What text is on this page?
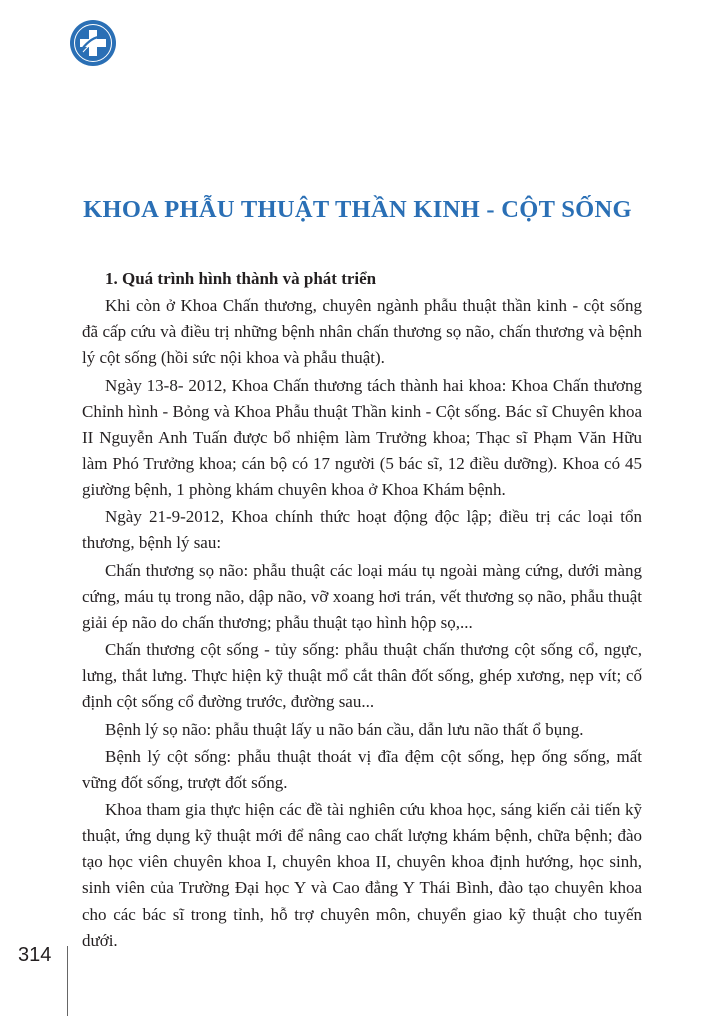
KHOA PHẪU THUẬT THẦN KINH - CỘT SỐNG
1. Quá trình hình thành và phát triển

Khi còn ở Khoa Chấn thương, chuyên ngành phẫu thuật thần kinh - cột sống đã cấp cứu và điều trị những bệnh nhân chấn thương sọ não, chấn thương và bệnh lý cột sống (hồi sức nội khoa và phẫu thuật).

Ngày 13-8- 2012, Khoa Chấn thương tách thành hai khoa: Khoa Chấn thương Chỉnh hình - Bỏng và Khoa Phẫu thuật Thần kinh - Cột sống. Bác sĩ Chuyên khoa II Nguyễn Anh Tuấn được bổ nhiệm làm Trưởng khoa; Thạc sĩ Phạm Văn Hữu làm Phó Trưởng khoa; cán bộ có 17 người (5 bác sĩ, 12 điều dưỡng). Khoa có 45 giường bệnh, 1 phòng khám chuyên khoa ở Khoa Khám bệnh.

Ngày 21-9-2012, Khoa chính thức hoạt động độc lập; điều trị các loại tổn thương, bệnh lý sau:

Chấn thương sọ não: phẫu thuật các loại máu tụ ngoài màng cứng, dưới màng cứng, máu tụ trong não, dập não, vỡ xoang hơi trán, vết thương sọ não, phẫu thuật giải ép não do chấn thương; phẫu thuật tạo hình hộp sọ,...

Chấn thương cột sống - tủy sống: phẫu thuật chấn thương cột sống cổ, ngực, lưng, thắt lưng. Thực hiện kỹ thuật mổ cắt thân đốt sống, ghép xương, nẹp vít; cố định cột sống cổ đường trước, đường sau...

Bệnh lý sọ não: phẫu thuật lấy u não bán cầu, dẫn lưu não thất ổ bụng.

Bệnh lý cột sống: phẫu thuật thoát vị đĩa đệm cột sống, hẹp ống sống, mất vững đốt sống, trượt đốt sống.

Khoa tham gia thực hiện các đề tài nghiên cứu khoa học, sáng kiến cải tiến kỹ thuật, ứng dụng kỹ thuật mới để nâng cao chất lượng khám bệnh, chữa bệnh; đào tạo học viên chuyên khoa I, chuyên khoa II, chuyên khoa định hướng, học sinh, sinh viên của Trường Đại học Y và Cao đẳng Y Thái Bình, đào tạo chuyên khoa cho các bác sĩ trong tỉnh, hỗ trợ chuyên môn, chuyển giao kỹ thuật cho tuyến dưới.

314
